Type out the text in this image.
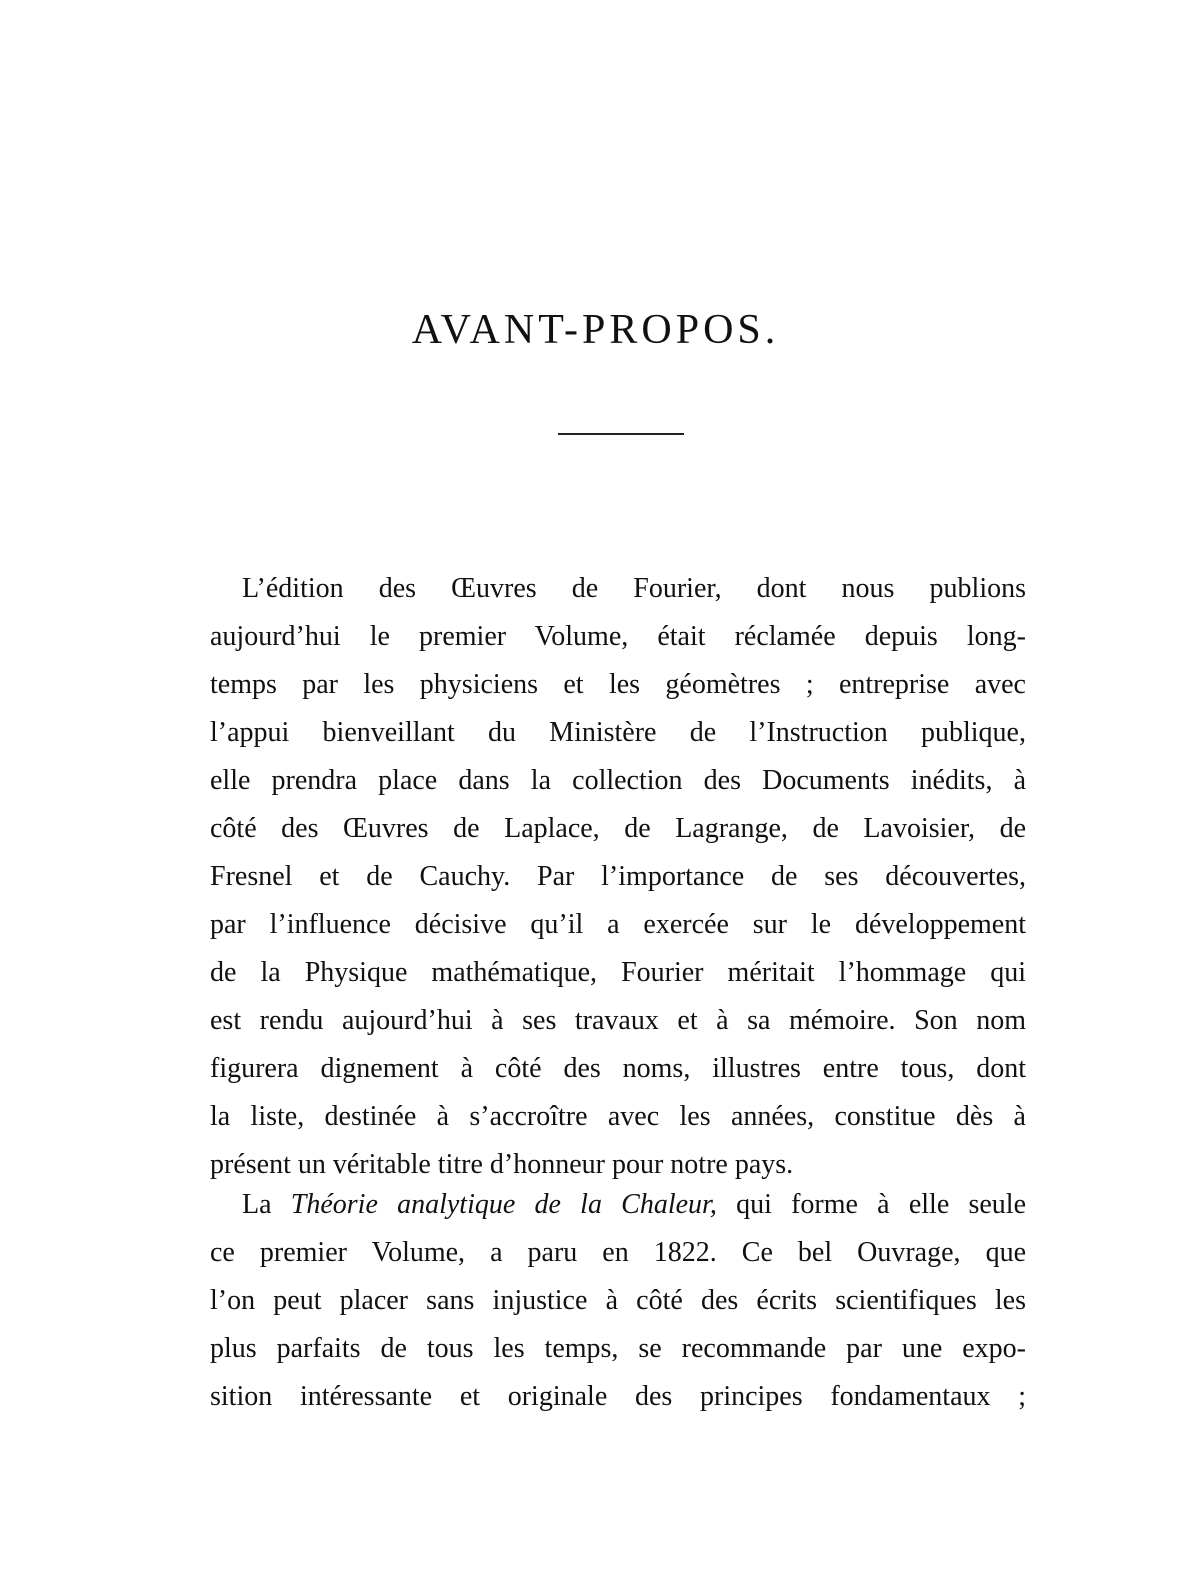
AVANT-PROPOS.
L’édition des Œuvres de Fourier, dont nous publions
aujourd’hui le premier Volume, était réclamée depuis long-
temps par les physiciens et les géomètres ; entreprise avec
l’appui bienveillant du Ministère de l’Instruction publique,
elle prendra place dans la collection des Documents inédits, à
côté des Œuvres de Laplace, de Lagrange, de Lavoisier, de
Fresnel et de Cauchy. Par l’importance de ses découvertes,
par l’influence décisive qu’il a exercée sur le développement
de la Physique mathématique, Fourier méritait l’hommage qui
est rendu aujourd’hui à ses travaux et à sa mémoire. Son nom
figurera dignement à côté des noms, illustres entre tous, dont
la liste, destinée à s’accroître avec les années, constitue dès à
présent un véritable titre d’honneur pour notre pays.
La Théorie analytique de la Chaleur, qui forme à elle seule
ce premier Volume, a paru en 1822. Ce bel Ouvrage, que
l’on peut placer sans injustice à côté des écrits scientifiques les
plus parfaits de tous les temps, se recommande par une expo-
sition intéressante et originale des principes fondamentaux ;
